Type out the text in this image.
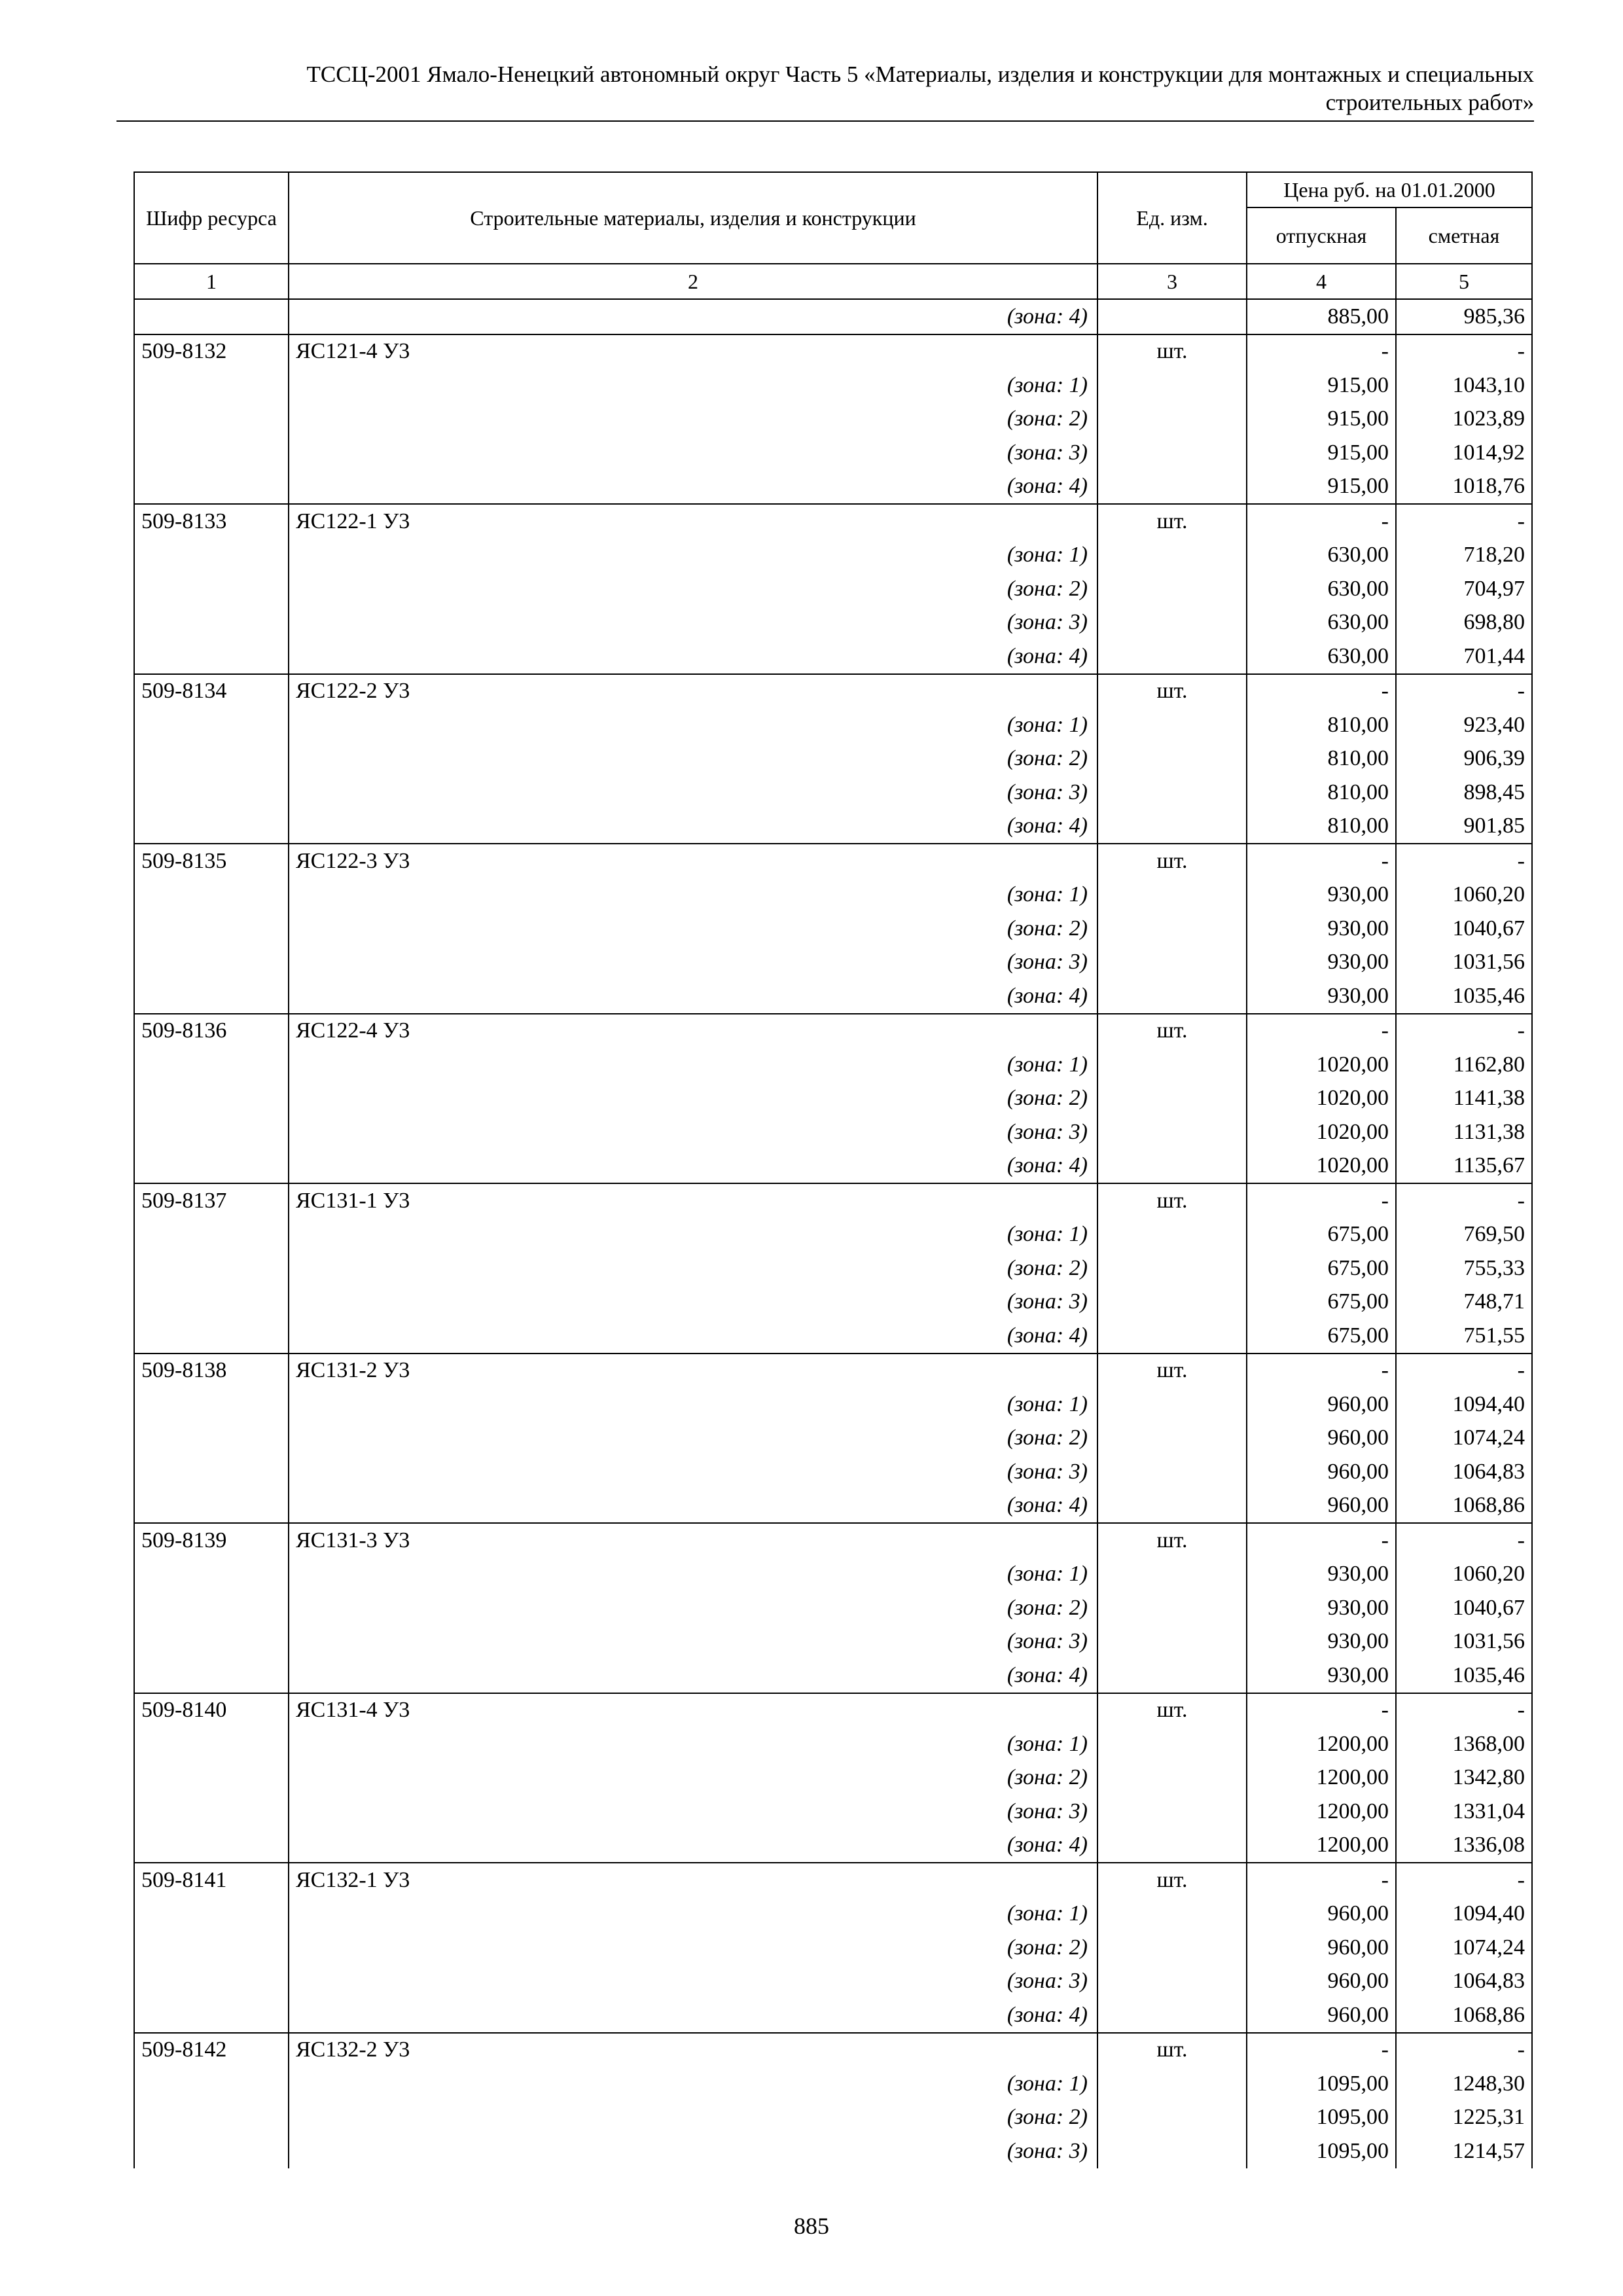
ТССЦ-2001 Ямало-Ненецкий автономный округ Часть 5 «Материалы, изделия и конструкции для монтажных и специальных
строительных работ»
Шифр ресурса	Строительные материалы, изделия и конструкции	Ед. изм.	Цена руб. на 01.01.2000	
			отпускная	сметная
1	2	3	4	5
	(зона: 4)		885,00	985,36
509-8132	ЯС121-4 У3	шт.	-	-
	(зона: 1)		915,00	1043,10
	(зона: 2)		915,00	1023,89
	(зона: 3)		915,00	1014,92
	(зона: 4)		915,00	1018,76
509-8133	ЯС122-1 У3	шт.	-	-
	(зона: 1)		630,00	718,20
	(зона: 2)		630,00	704,97
	(зона: 3)		630,00	698,80
	(зона: 4)		630,00	701,44
509-8134	ЯС122-2 У3	шт.	-	-
	(зона: 1)		810,00	923,40
	(зона: 2)		810,00	906,39
	(зона: 3)		810,00	898,45
	(зона: 4)		810,00	901,85
509-8135	ЯС122-3 У3	шт.	-	-
	(зона: 1)		930,00	1060,20
	(зона: 2)		930,00	1040,67
	(зона: 3)		930,00	1031,56
	(зона: 4)		930,00	1035,46
509-8136	ЯС122-4 У3	шт.	-	-
	(зона: 1)		1020,00	1162,80
	(зона: 2)		1020,00	1141,38
	(зона: 3)		1020,00	1131,38
	(зона: 4)		1020,00	1135,67
509-8137	ЯС131-1 У3	шт.	-	-
	(зона: 1)		675,00	769,50
	(зона: 2)		675,00	755,33
	(зона: 3)		675,00	748,71
	(зона: 4)		675,00	751,55
509-8138	ЯС131-2 У3	шт.	-	-
	(зона: 1)		960,00	1094,40
	(зона: 2)		960,00	1074,24
	(зона: 3)		960,00	1064,83
	(зона: 4)		960,00	1068,86
509-8139	ЯС131-3 У3	шт.	-	-
	(зона: 1)		930,00	1060,20
	(зона: 2)		930,00	1040,67
	(зона: 3)		930,00	1031,56
	(зона: 4)		930,00	1035,46
509-8140	ЯС131-4 У3	шт.	-	-
	(зона: 1)		1200,00	1368,00
	(зона: 2)		1200,00	1342,80
	(зона: 3)		1200,00	1331,04
	(зона: 4)		1200,00	1336,08
509-8141	ЯС132-1 У3	шт.	-	-
	(зона: 1)		960,00	1094,40
	(зона: 2)		960,00	1074,24
	(зона: 3)		960,00	1064,83
	(зона: 4)		960,00	1068,86
509-8142	ЯС132-2 У3	шт.	-	-
	(зона: 1)		1095,00	1248,30
	(зона: 2)		1095,00	1225,31
	(зона: 3)		1095,00	1214,57
885
